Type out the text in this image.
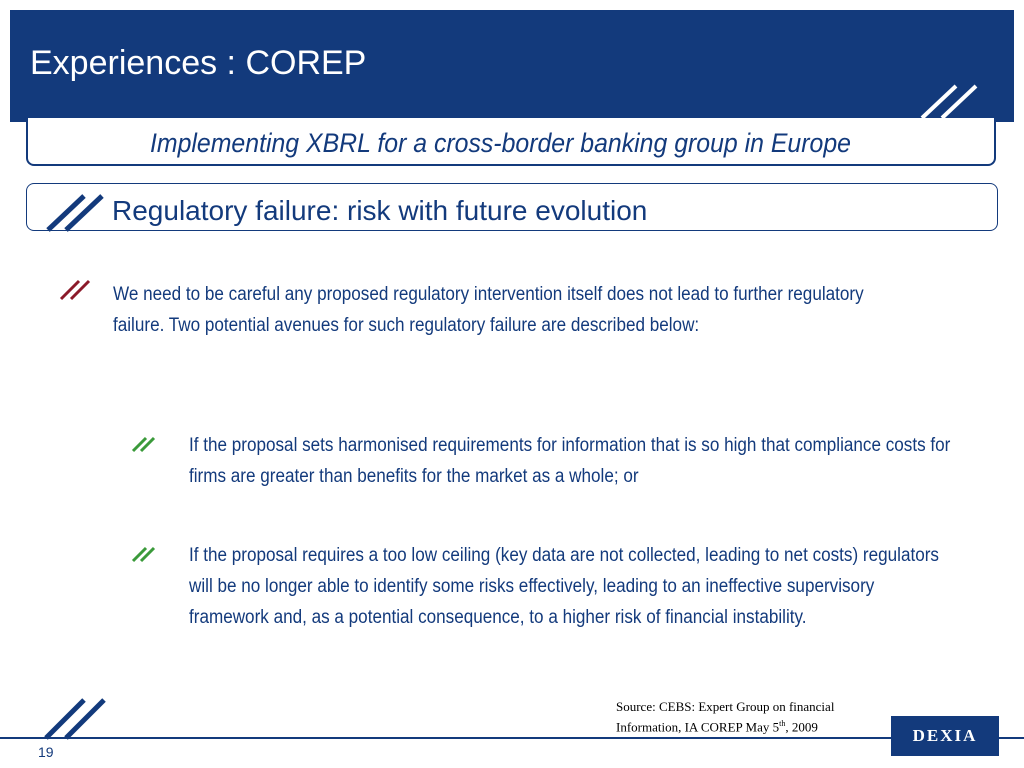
Experiences : COREP
Implementing XBRL for a cross-border banking group in Europe
Regulatory failure: risk with future evolution
We need to be careful any proposed regulatory intervention itself does not lead to further regulatory failure. Two potential avenues for such regulatory failure are described below:
If the proposal sets harmonised requirements for information that is so high that compliance costs for firms are greater than benefits for the market as a whole; or
If the proposal requires a too low ceiling (key data are not collected, leading to net costs) regulators will be no longer able to identify some risks effectively, leading to an ineffective supervisory framework and, as a potential consequence, to a higher risk of financial instability.
Source: CEBS: Expert Group on financial
Information, IA COREP May 5th, 2009
19
DEXIA
